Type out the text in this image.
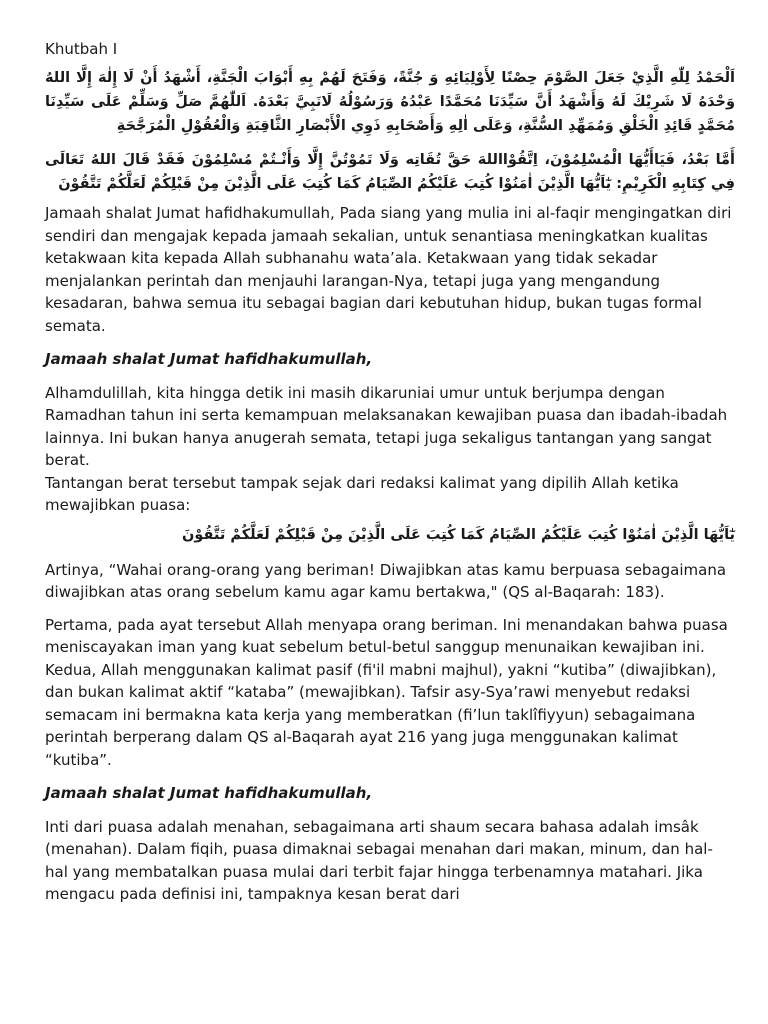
Khutbah I

اَلْحَمْدُ لِلّٰهِ الَّذِيْ جَعَلَ الصَّوْمَ حِصْنًا لِأَوْلِيَائِهِ وَ جُنَّةً، وَفَتَحَ لَهُمْ بِهِ أَبْوَابَ الْجَنَّةِ، أَشْهَدُ أَنْ لَا إِلٰهَ إِلَّا اللهُ وَحْدَهُ لَا شَرِيْكَ لَهُ وَأَشْهَدُ أَنَّ سَيِّدَنَا مُحَمَّدًا عَبْدُهُ وَرَسُوْلُهُ لَانَبِيَّ بَعْدَهُ. اَللّٰهُمَّ صَلِّ وَسَلِّمْ عَلَى سَيِّدِنَا مُحَمَّدٍ قَائِدِ الْخَلْقِ وَمُمَهِّدِ السُّنَّةِ، وَعَلَى اٰلِهِ وَأَصْحَابِهِ ذَوِي الْأَبْصَارِ الثَّاقِبَةِ وَالْعُقُوْلِ الْمُرَجَّحَةِ

أَمَّا بَعْدُ، فَيَاأَيُّهَا الْمُسْلِمُوْنَ، اِتَّقُوْااللهَ حَقَّ تُقَاتِه وَلَا تَمُوْتُنَّ إِلَّا وَأَنْـتُمْ مُسْلِمُوْنَ فَقَدْ قَالَ اللهُ تَعَالَى فِي كِتَابِهِ الْكَرِيْمِ: يٰٓاَيُّهَا الَّذِيْنَ اٰمَنُوْا كُتِبَ عَلَيْكُمُ الصِّيَامُ كَمَا كُتِبَ عَلَى الَّذِيْنَ مِنْ قَبْلِكُمْ لَعَلَّكُمْ تَتَّقُوْنَ

Jamaah shalat Jumat hafidhakumullah, Pada siang yang mulia ini al-faqir mengingatkan diri sendiri dan mengajak kepada jamaah sekalian, untuk senantiasa meningkatkan kualitas ketakwaan kita kepada Allah subhanahu wata’ala. Ketakwaan yang tidak sekadar menjalankan perintah dan menjauhi larangan-Nya, tetapi juga yang mengandung kesadaran, bahwa semua itu sebagai bagian dari kebutuhan hidup, bukan tugas formal semata.

Jamaah shalat Jumat hafidhakumullah,

Alhamdulillah, kita hingga detik ini masih dikaruniai umur untuk berjumpa dengan Ramadhan tahun ini serta kemampuan melaksanakan kewajiban puasa dan ibadah-ibadah lainnya. Ini bukan hanya anugerah semata, tetapi juga sekaligus tantangan yang sangat berat.

Tantangan berat tersebut tampak sejak dari redaksi kalimat yang dipilih Allah ketika mewajibkan puasa:

يٰٓاَيُّهَا الَّذِيْنَ اٰمَنُوْا كُتِبَ عَلَيْكُمُ الصِّيَامُ كَمَا كُتِبَ عَلَى الَّذِيْنَ مِنْ قَبْلِكُمْ لَعَلَّكُمْ تَتَّقُوْنَ

Artinya, “Wahai orang-orang yang beriman! Diwajibkan atas kamu berpuasa sebagaimana diwajibkan atas orang sebelum kamu agar kamu bertakwa," (QS al-Baqarah: 183).

Pertama, pada ayat tersebut Allah menyapa orang beriman. Ini menandakan bahwa puasa meniscayakan iman yang kuat sebelum betul-betul sanggup menunaikan kewajiban ini. Kedua, Allah menggunakan kalimat pasif (fi'il mabni majhul), yakni “kutiba” (diwajibkan), dan bukan kalimat aktif “kataba” (mewajibkan). Tafsir asy-Sya’rawi menyebut redaksi semacam ini bermakna kata kerja yang memberatkan (fi’lun taklîfiyyun) sebagaimana perintah berperang dalam QS al-Baqarah ayat 216 yang juga menggunakan kalimat “kutiba”.

Jamaah shalat Jumat hafidhakumullah,

Inti dari puasa adalah menahan, sebagaimana arti shaum secara bahasa adalah imsâk (menahan). Dalam fiqih, puasa dimaknai sebagai menahan dari makan, minum, dan hal-hal yang membatalkan puasa mulai dari terbit fajar hingga terbenamnya matahari. Jika mengacu pada definisi ini, tampaknya kesan berat dari
